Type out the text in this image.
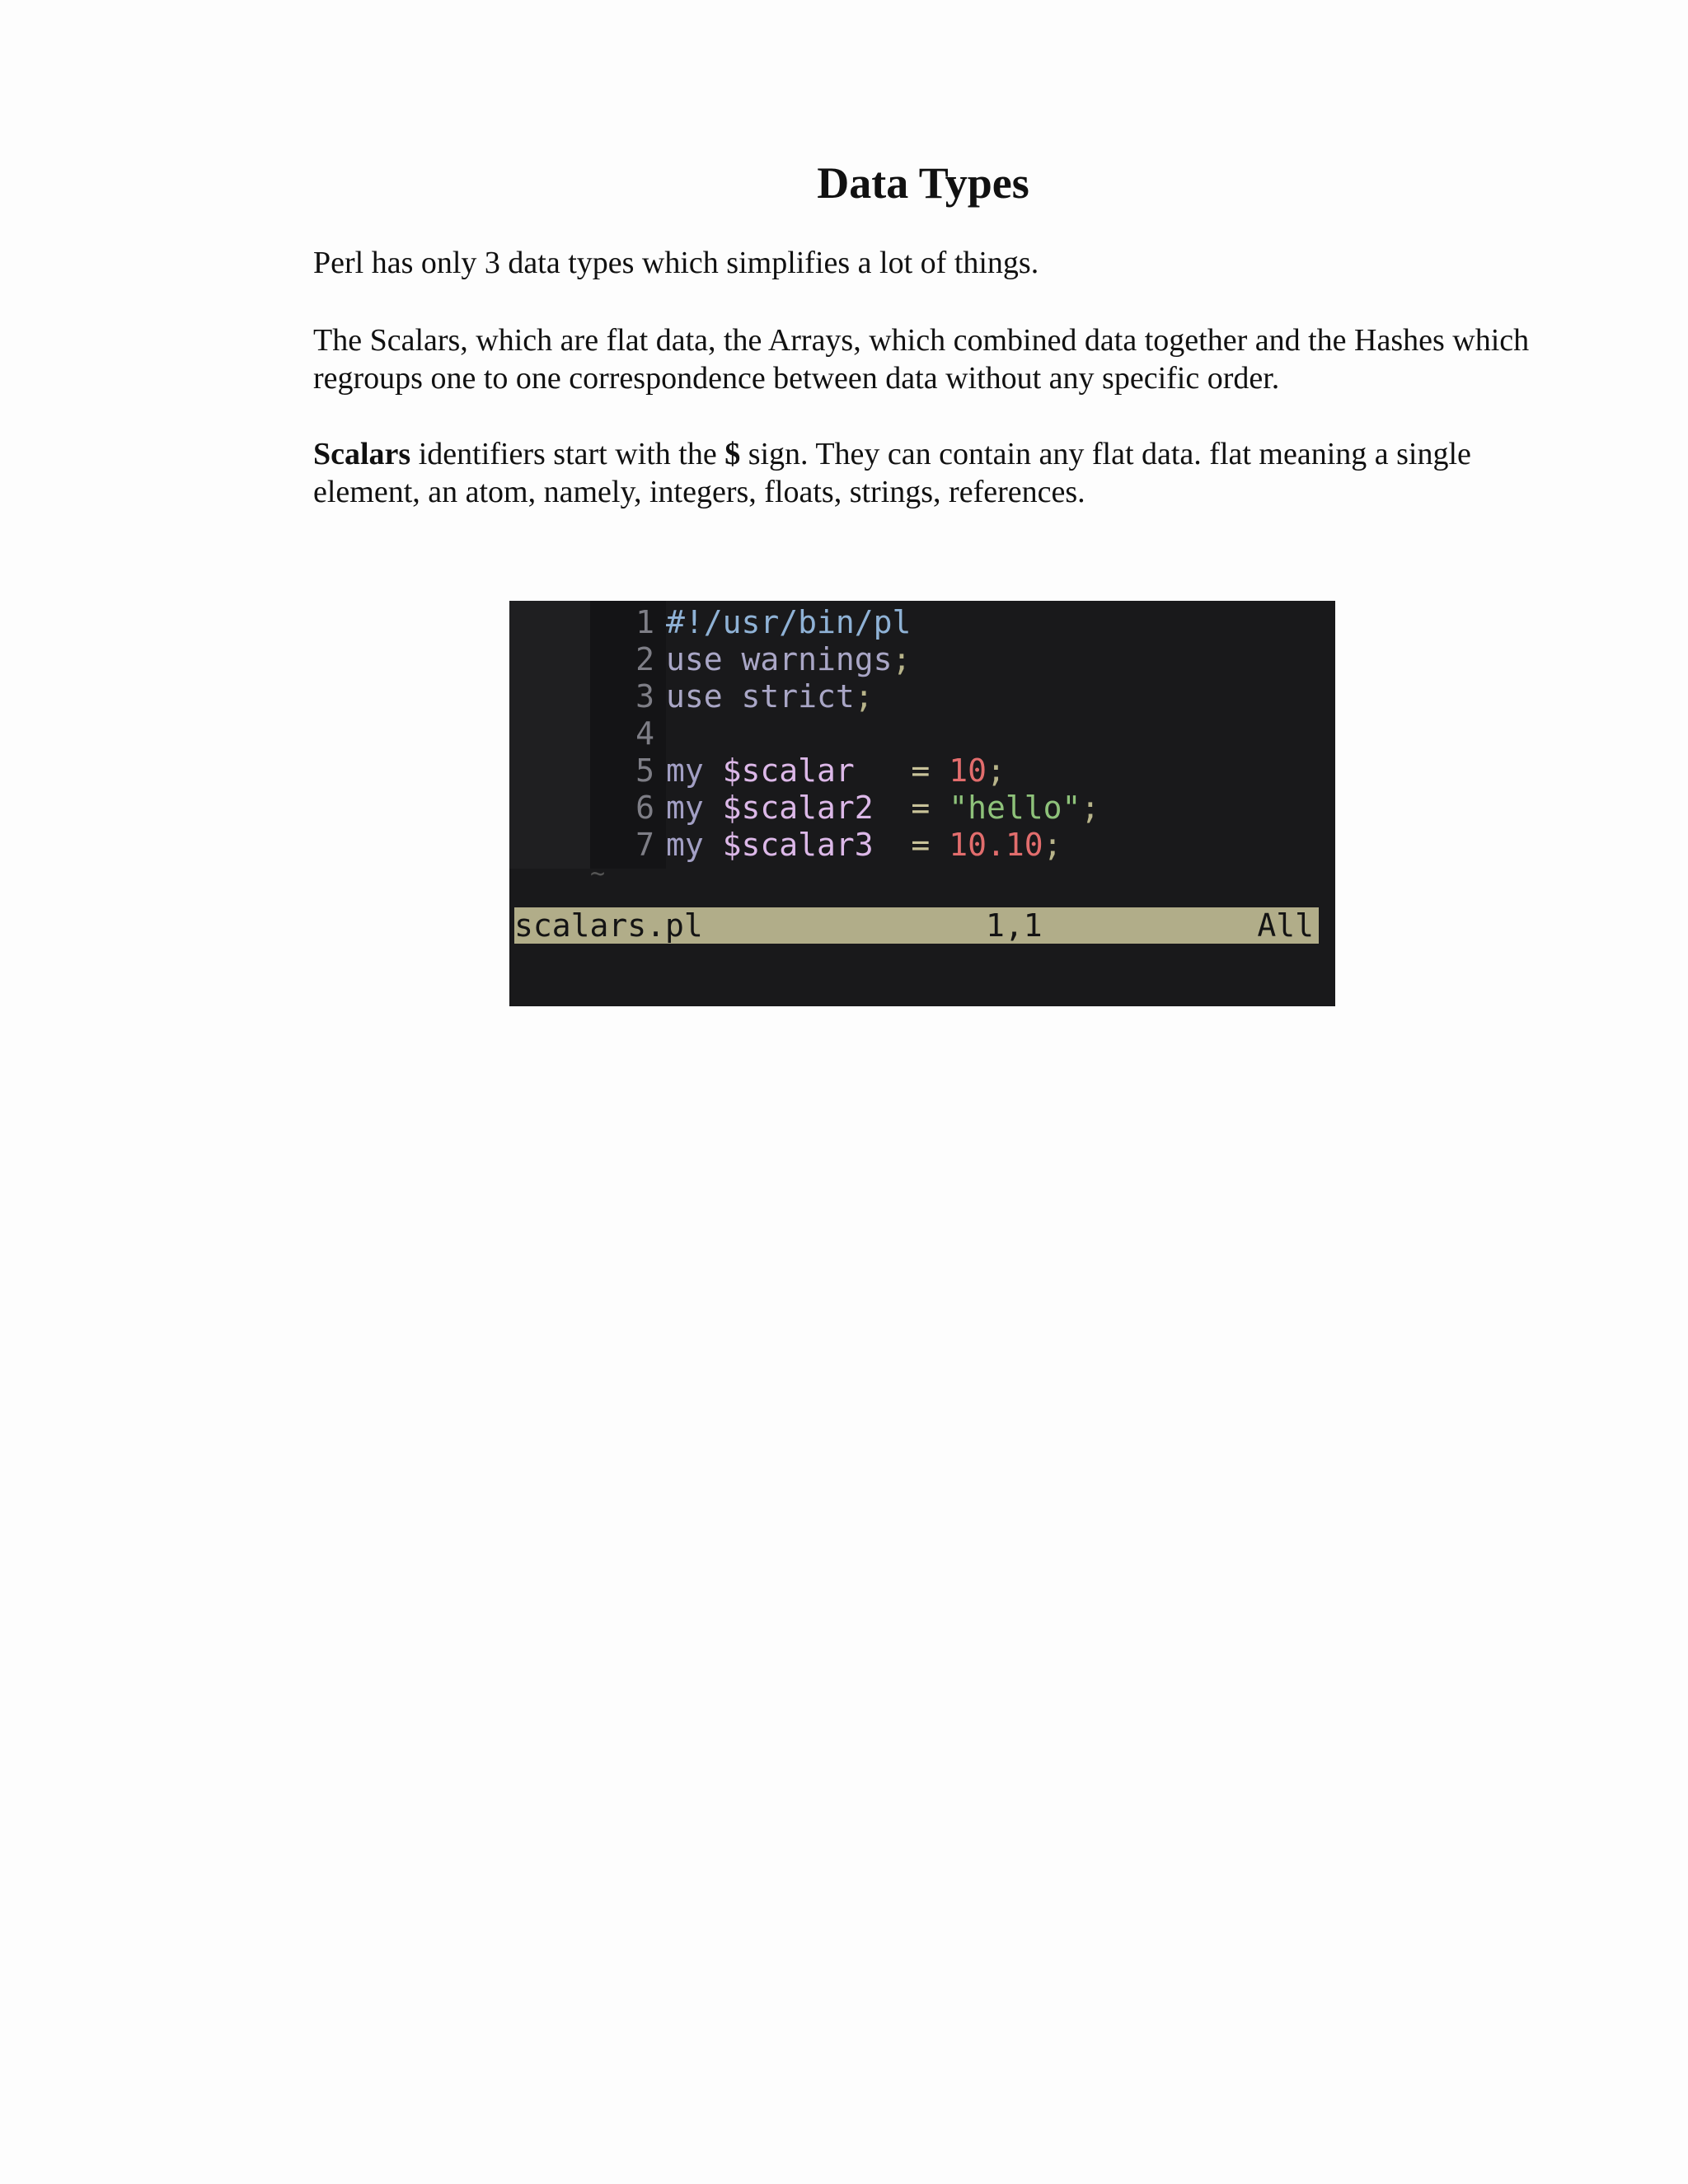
Data Types

Perl has only 3 data types which simplifies a lot of things.

The Scalars, which are flat data, the Arrays, which combined data together and the Hashes which regroups one to one correspondence between data without any specific order.

Scalars identifiers start with the $ sign. They can contain any flat data. flat meaning a single element, an atom, namely, integers, floats, strings, references.

1 #!/usr/bin/pl
2 use warnings;
3 use strict;
4
5 my $scalar   = 10;
6 my $scalar2  = "hello";
7 my $scalar3  = 10.10;
~

scalars.pl

	1,1

	All
